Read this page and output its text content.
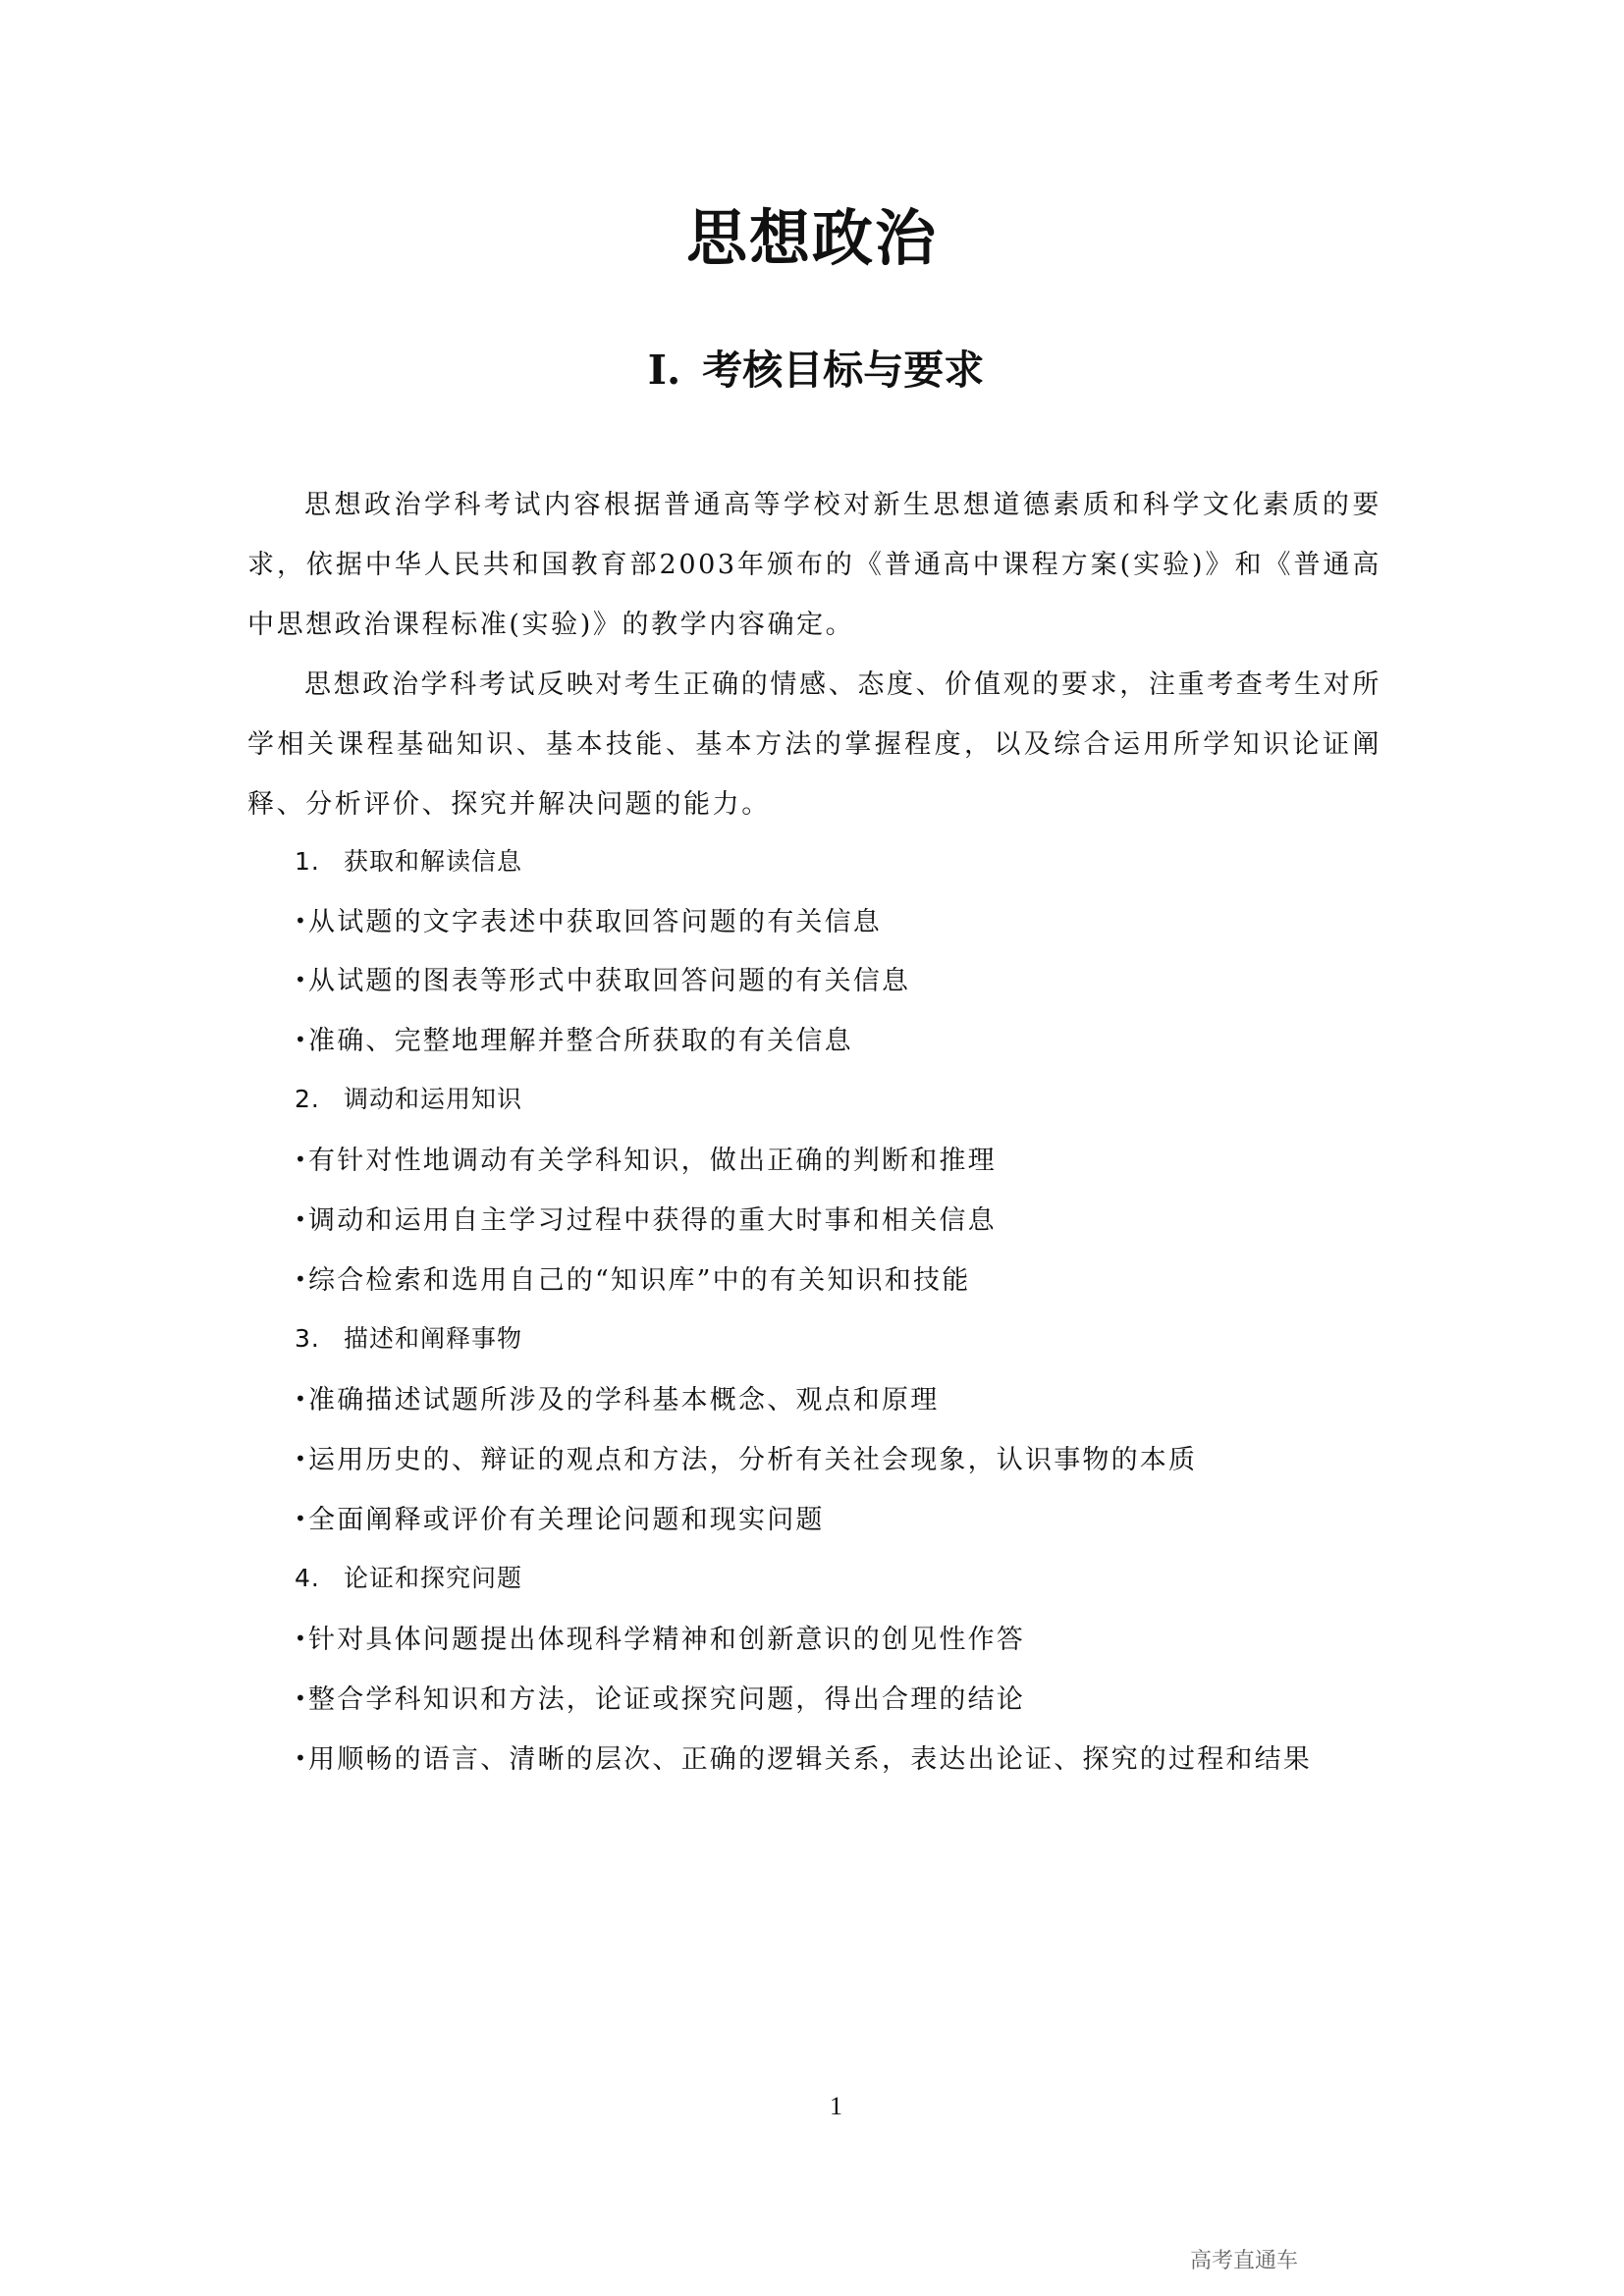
思想政治
Ⅰ. 考核目标与要求

思想政治学科考试内容根据普通高等学校对新生思想道德素质和科学文化素质的要求，依据中华人民共和国教育部2003年颁布的《普通高中课程方案(实验)》和《普通高中思想政治课程标准(实验)》的教学内容确定。

思想政治学科考试反映对考生正确的情感、态度、价值观的要求，注重考查考生对所学相关课程基础知识、基本技能、基本方法的掌握程度，以及综合运用所学知识论证阐释、分析评价、探究并解决问题的能力。

1. 获取和解读信息
•从试题的文字表述中获取回答问题的有关信息
•从试题的图表等形式中获取回答问题的有关信息
•准确、完整地理解并整合所获取的有关信息
2. 调动和运用知识
•有针对性地调动有关学科知识，做出正确的判断和推理
•调动和运用自主学习过程中获得的重大时事和相关信息
•综合检索和选用自己的“知识库”中的有关知识和技能
3. 描述和阐释事物
•准确描述试题所涉及的学科基本概念、观点和原理
•运用历史的、辩证的观点和方法，分析有关社会现象，认识事物的本质
•全面阐释或评价有关理论问题和现实问题
4. 论证和探究问题
•针对具体问题提出体现科学精神和创新意识的创见性作答
•整合学科知识和方法，论证或探究问题，得出合理的结论
•用顺畅的语言、清晰的层次、正确的逻辑关系，表达出论证、探究的过程和结果
1
高考直通车
